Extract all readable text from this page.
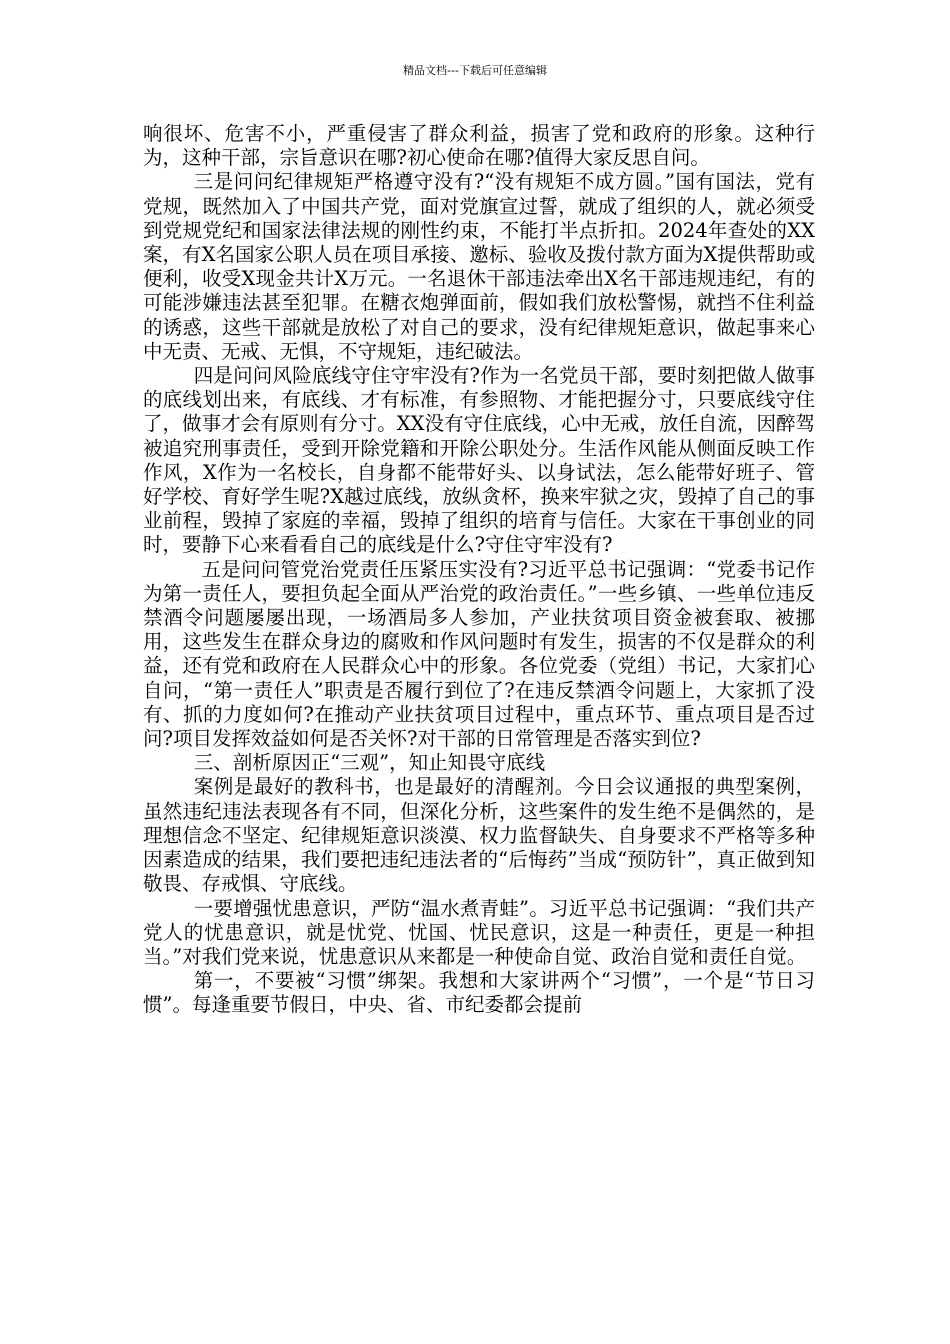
精品文档---下载后可任意编辑

响很坏、危害不小，严重侵害了群众利益，损害了党和政府的形象。这种行为，这种干部，宗旨意识在哪?初心使命在哪?值得大家反思自问。

三是问问纪律规矩严格遵守没有?“没有规矩不成方圆。”国有国法，党有党规，既然加入了中国共产党，面对党旗宣过誓，就成了组织的人，就必须受到党规党纪和国家法律法规的刚性约束，不能打半点折扣。2024年查处的XX案，有X名国家公职人员在项目承接、邀标、验收及拨付款方面为X提供帮助或便利，收受X现金共计X万元。一名退休干部违法牵出X名干部违规违纪，有的可能涉嫌违法甚至犯罪。在糖衣炮弹面前，假如我们放松警惕，就挡不住利益的诱惑，这些干部就是放松了对自己的要求，没有纪律规矩意识，做起事来心中无责、无戒、无惧，不守规矩，违纪破法。

四是问问风险底线守住守牢没有?作为一名党员干部，要时刻把做人做事的底线划出来，有底线、才有标准，有参照物、才能把握分寸，只要底线守住了，做事才会有原则有分寸。XX没有守住底线，心中无戒，放任自流，因醉驾被追究刑事责任，受到开除党籍和开除公职处分。生活作风能从侧面反映工作作风，X作为一名校长，自身都不能带好头、以身试法，怎么能带好班子、管好学校、育好学生呢?X越过底线，放纵贪杯，换来牢狱之灾，毁掉了自己的事业前程，毁掉了家庭的幸福，毁掉了组织的培育与信任。大家在干事创业的同时，要静下心来看看自己的底线是什么?守住守牢没有?

五是问问管党治党责任压紧压实没有?习近平总书记强调：“党委书记作为第一责任人，要担负起全面从严治党的政治责任。”一些乡镇、一些单位违反禁酒令问题屡屡出现，一场酒局多人参加，产业扶贫项目资金被套取、被挪用，这些发生在群众身边的腐败和作风问题时有发生，损害的不仅是群众的利益，还有党和政府在人民群众心中的形象。各位党委（党组）书记，大家扪心自问，“第一责任人”职责是否履行到位了?在违反禁酒令问题上，大家抓了没有、抓的力度如何?在推动产业扶贫项目过程中，重点环节、重点项目是否过问?项目发挥效益如何是否关怀?对干部的日常管理是否落实到位?

三、剖析原因正“三观”，知止知畏守底线

案例是最好的教科书，也是最好的清醒剂。今日会议通报的典型案例，虽然违纪违法表现各有不同，但深化分析，这些案件的发生绝不是偶然的，是理想信念不坚定、纪律规矩意识淡漠、权力监督缺失、自身要求不严格等多种因素造成的结果，我们要把违纪违法者的“后悔药”当成“预防针”，真正做到知敬畏、存戒惧、守底线。

一要增强忧患意识，严防“温水煮青蛙”。习近平总书记强调：“我们共产党人的忧患意识，就是忧党、忧国、忧民意识，这是一种责任，更是一种担当。”对我们党来说，忧患意识从来都是一种使命自觉、政治自觉和责任自觉。

第一，不要被“习惯”绑架。我想和大家讲两个“习惯”，一个是“节日习惯”。每逢重要节假日，中央、省、市纪委都会提前
